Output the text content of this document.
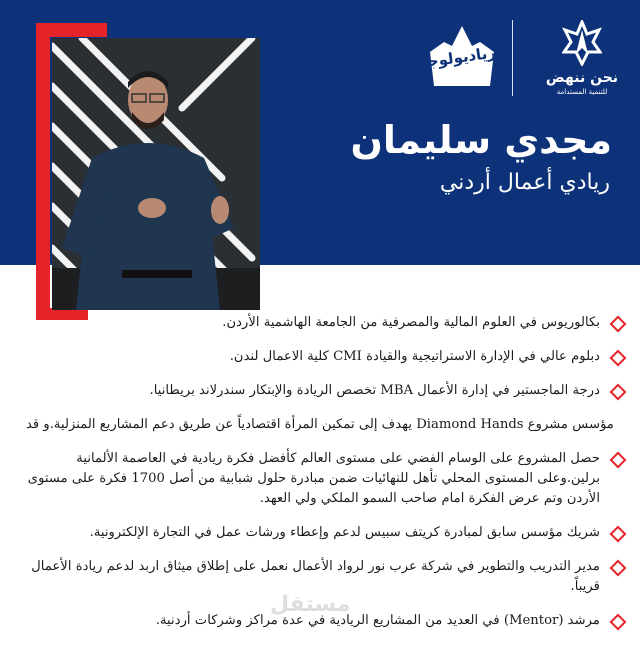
رياديولوجي
نحن ننهض
للتنمية المستدامة
مجدي سليمان
ريادي أعمال أردني
بكالوريوس في العلوم المالية والمصرفية من الجامعة الهاشمية الأردن.
دبلوم عالي في الإدارة الاستراتيجية والقيادة CMI كلية الاعمال لندن.
درجة الماجستير في إدارة الأعمال MBA تخصص الريادة والإبتكار سندرلاند بريطانيا.
مؤسس مشروع Diamond Hands يهدف إلى تمكين المرأة اقتصادياً عن طريق دعم المشاريع المنزلية.و قد
حصل المشروع على الوسام الفضي على مستوى العالم كأفضل فكرة ريادية في العاصمة الألمانية برلين.وعلى المستوى المحلي تأهل للنهائيات ضمن مبادرة حلول شبابية من أصل 1700 فكرة على مستوى الأردن وتم عرض الفكرة امام صاحب السمو الملكي ولي العهد.
شريك مؤسس سابق لمبادرة كريتف سبيس لدعم وإعطاء ورشات عمل في التجارة الإلكترونية.
مدير التدريب والتطوير في شركة عرب نور لرواد الأعمال نعمل على إطلاق ميثاق اربد لدعم ريادة الأعمال قريباً.
مرشد (Mentor) في العديد من المشاريع الريادية في عدة مراكز وشركات أردنية.
مستقل
